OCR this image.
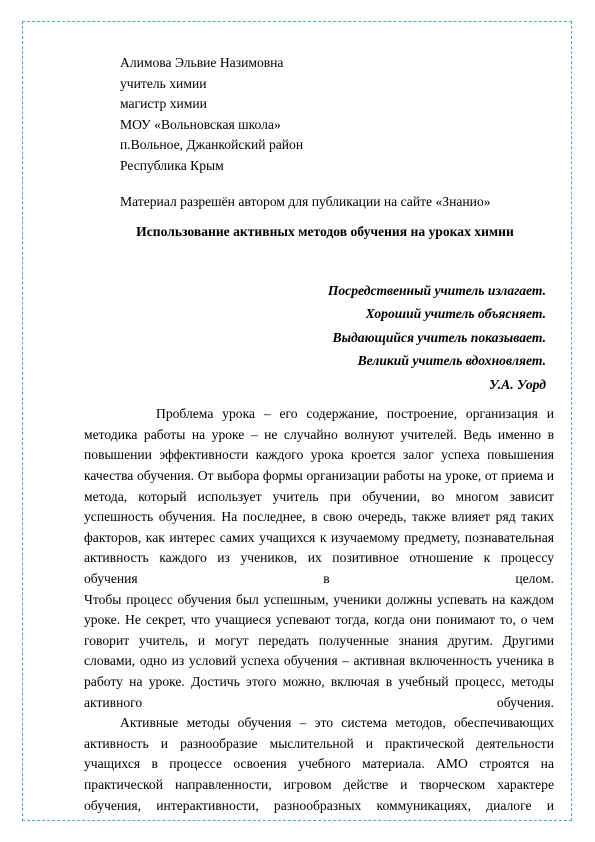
Алимова Эльвие Назимовна
учитель химии
магистр химии
МОУ «Вольновская школа»
п.Вольное, Джанкойский район
Республика Крым
Материал разрешён автором для публикации на сайте «Знанио»
Использование активных методов обучения на уроках химии
Посредственный учитель излагает.
Хороший учитель объясняет.
Выдающийся учитель показывает.
Великий учитель вдохновляет.
У.А. Уорд

Проблема урока – его содержание, построение, организация и методика работы на уроке – не случайно волнуют учителей. Ведь именно в повышении эффективности каждого урока кроется залог успеха повышения качества обучения. От выбора формы организации работы на уроке, от приема и метода, который использует учитель при обучении, во многом зависит успешность обучения. На последнее, в свою очередь, также влияет ряд таких факторов, как интерес самих учащихся к изучаемому предмету, познавательная активность каждого из учеников, их позитивное отношение к процессу обучения в целом.

Чтобы процесс обучения был успешным, ученики должны успевать на каждом уроке. Не секрет, что учащиеся успевают тогда, когда они понимают то, о чем говорит учитель, и могут передать полученные знания другим. Другими словами, одно из условий успеха обучения – активная включенность ученика в работу на уроке. Достичь этого можно, включая в учебный процесс, методы активного обучения.

Активные методы обучения – это система методов, обеспечивающих активность и разнообразие мыслительной и практической деятельности учащихся в процессе освоения учебного материала. АМО строятся на практической направленности, игровом действе и творческом характере обучения, интерактивности, разнообразных коммуникациях, диалоге и
